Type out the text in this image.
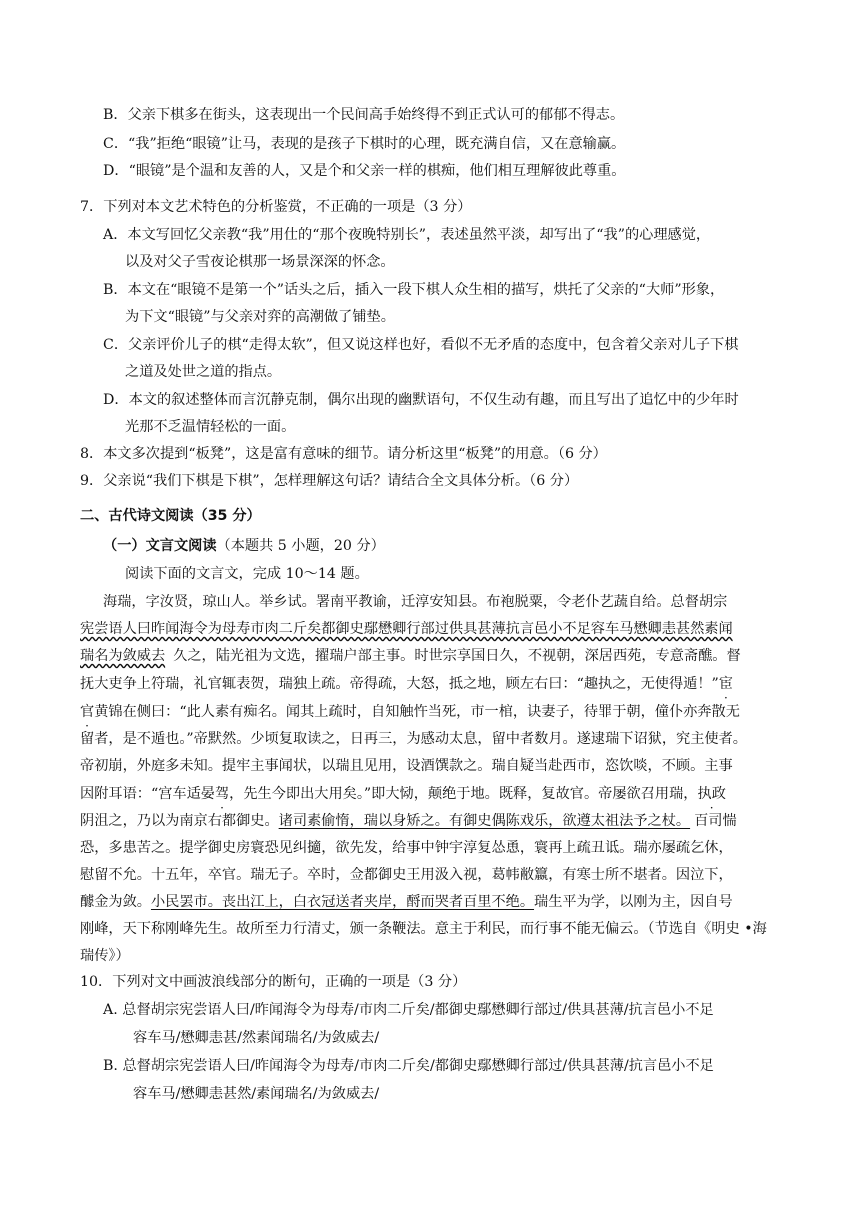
B．父亲下棋多在街头，这表现出一个民间高手始终得不到正式认可的郁郁不得志。
C．“我”拒绝“眼镜”让马，表现的是孩子下棋时的心理，既充满自信，又在意输赢。
D．“眼镜”是个温和友善的人，又是个和父亲一样的棋痴，他们相互理解彼此尊重。
7．下列对本文艺术特色的分析鉴赏，不正确的一项是（3 分）
A．本文写回忆父亲教“我”用仕的“那个夜晚特别长”，表述虽然平淡，却写出了“我”的心理感觉，
以及对父子雪夜论棋那一场景深深的怀念。
B．本文在“眼镜不是第一个”话头之后，插入一段下棋人众生相的描写，烘托了父亲的“大师”形象，
为下文“眼镜”与父亲对弈的高潮做了铺垫。
C．父亲评价儿子的棋“走得太软”，但又说这样也好，看似不无矛盾的态度中，包含着父亲对儿子下棋
之道及处世之道的指点。
D．本文的叙述整体而言沉静克制，偶尔出现的幽默语句，不仅生动有趣，而且写出了追忆中的少年时
光那不乏温情轻松的一面。
8．本文多次提到“板凳”，这是富有意味的细节。请分析这里“板凳”的用意。（6 分）
9．父亲说“我们下棋是下棋”，怎样理解这句话？请结合全文具体分析。（6 分）
二、古代诗文阅读（35 分）
（一）文言文阅读（本题共 5 小题，20 分）
阅读下面的文言文，完成 10～14 题。
海瑞，字汝贤，琼山人。举乡试。署南平教谕，迁淳安知县。布袍脱粟，令老仆艺蔬自给。总督胡宗
宪尝语人曰昨闻海令为母寿市肉二斤矣都御史鄢懋卿行部过供具甚薄抗言邑小不足容车马懋卿恚甚然素闻
瑞名为敛威去 久之，陆光祖为文选，擢瑞户部主事。时世宗享国日久，不视朝，深居西苑，专意斋醮。督
抚大吏争上符瑞，礼官辄表贺，瑞独上疏。帝得疏，大怒，抵之地，顾左右曰：“趣执之，无使得遁！”宦
官黄锦在侧曰：“此人素有痴名。闻其上疏时，自知触忤当死，市一棺，诀妻子，待罪于朝，僮仆亦奔散无
留者，是不遁也。”帝默然。少顷复取读之，日再三，为感动太息，留中者数月。遂逮瑞下诏狱，究主使者。
帝初崩，外庭多未知。提牢主事闻状，以瑞且见用，设酒馔款之。瑞自疑当赴西市，恣饮啖，不顾。主事
因附耳语：“宫车适晏驾，先生今即出大用矣。”即大恸，颠绝于地。既释，复故官。帝屡欲召用瑞，执政
阴沮之，乃以为南京右都御史。诸司素偷惰，瑞以身矫之。有御史偶陈戏乐，欲遵太祖法予之杖。 百司惴
恐，多患苦之。提学御史房寰恐见纠擿，欲先发，给事中钟宇淳复怂恿，寰再上疏丑诋。瑞亦屡疏乞休，
慰留不允。十五年，卒官。瑞无子。卒时，佥都御史王用汲入视，葛帏敝籝，有寒士所不堪者。因泣下，
醵金为敛。小民罢市。丧出江上，白衣冠送者夹岸，酹而哭者百里不绝。瑞生平为学，以刚为主，因自号
刚峰，天下称刚峰先生。故所至力行清丈，颁一条鞭法。意主于利民，而行事不能无偏云。（节选自《明史 •海
瑞传》）
10．下列对文中画波浪线部分的断句，正确的一项是（3 分）
A. 总督胡宗宪尝语人曰/昨闻海令为母寿/市肉二斤矣/都御史鄢懋卿行部过/供具甚薄/抗言邑小不足
容车马/懋卿恚甚/然素闻瑞名/为敛威去/
B. 总督胡宗宪尝语人曰/昨闻海令为母寿/市肉二斤矣/都御史鄢懋卿行部过/供具甚薄/抗言邑小不足
容车马/懋卿恚甚然/素闻瑞名/为敛威去/
